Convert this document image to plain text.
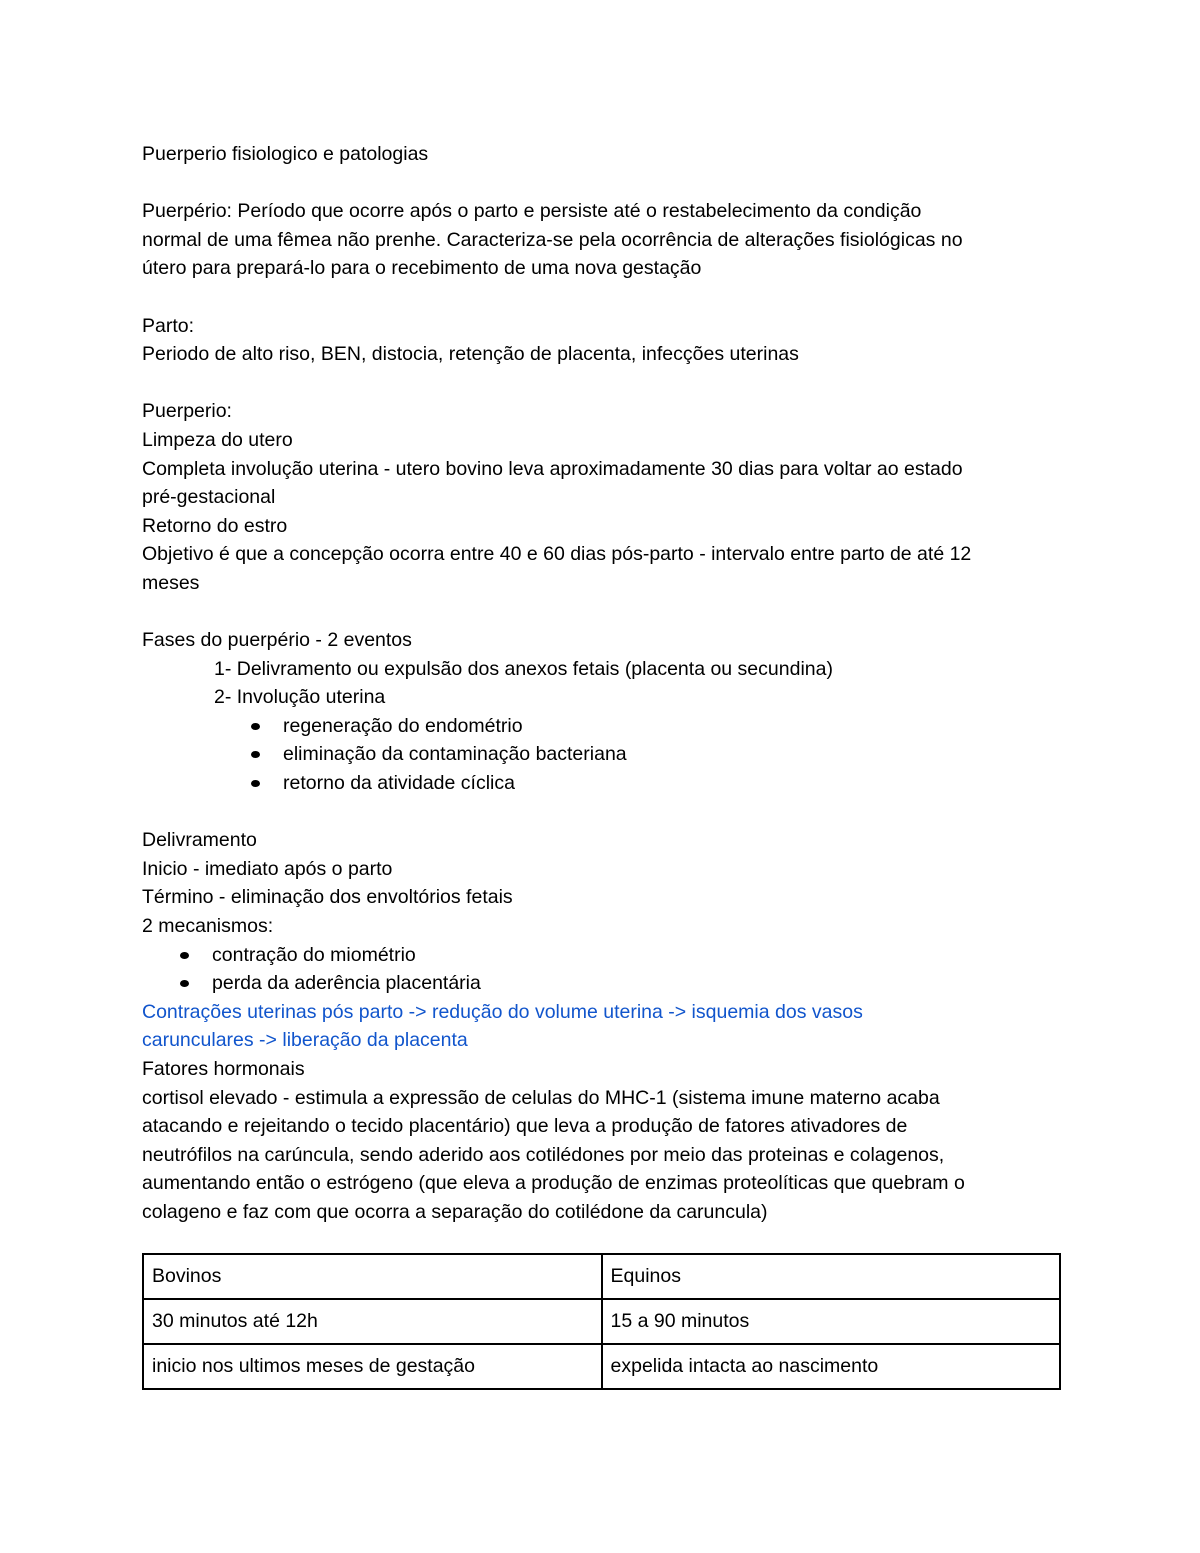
Puerperio fisiologico e patologias

Puerpério: Período que ocorre após o parto e persiste até o restabelecimento da condição

normal de uma fêmea não prenhe. Caracteriza-se pela ocorrência de alterações fisiológicas no

útero para prepará-lo para o recebimento de uma nova gestação

Parto:

Periodo de alto riso, BEN, distocia, retenção de placenta, infecções uterinas

Puerperio:

Limpeza do utero

Completa involução uterina - utero bovino leva aproximadamente 30 dias para voltar ao estado

pré-gestacional

Retorno do estro

Objetivo é que a concepção ocorra entre 40 e 60 dias pós-parto - intervalo entre parto de até 12

meses

Fases do puerpério - 2 eventos

1- Delivramento ou expulsão dos anexos fetais (placenta ou secundina)

2- Involução uterina

regeneração do endométrio
eliminação da contaminação bacteriana
retorno da atividade cíclica

Delivramento

Inicio - imediato após o parto

Término - eliminação dos envoltórios fetais

2 mecanismos:

contração do miométrio
perda da aderência placentária

Contrações uterinas pós parto -> redução do volume uterina -> isquemia dos vasos

carunculares -> liberação da placenta

Fatores hormonais

cortisol elevado - estimula a expressão de celulas do MHC-1 (sistema imune materno acaba

atacando e rejeitando o tecido placentário) que leva a produção de fatores ativadores de

neutrófilos na carúncula, sendo aderido aos cotilédones por meio das proteinas e colagenos,

aumentando então o estrógeno (que eleva a produção de enzimas proteolíticas que quebram o

colageno e faz com que ocorra a separação do cotilédone da caruncula)

Bovinos	Equinos
30 minutos até 12h	15 a 90 minutos
inicio nos ultimos meses de gestação	expelida intacta ao nascimento
